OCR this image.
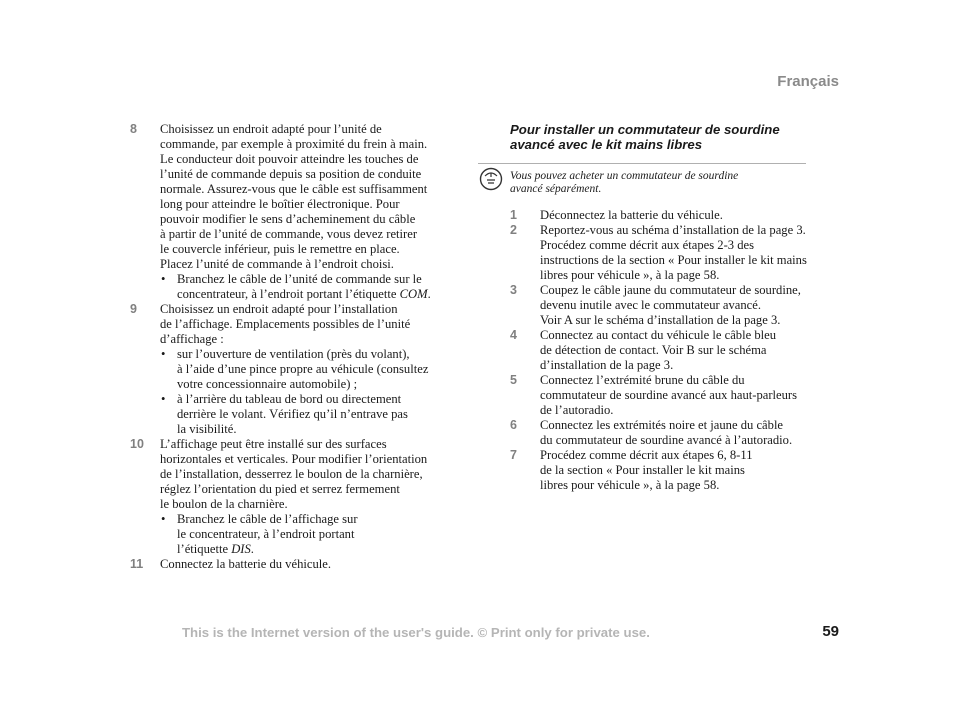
Français
8	Choisissez un endroit adapté pour l’unité de
commande, par exemple à proximité du frein à main.
Le conducteur doit pouvoir atteindre les touches de
l’unité de commande depuis sa position de conduite
normale. Assurez-vous que le câble est suffisamment
long pour atteindre le boîtier électronique. Pour
pouvoir modifier le sens d’acheminement du câble
à partir de l’unité de commande, vous devez retirer
le couvercle inférieur, puis le remettre en place.
Placez l’unité de commande à l’endroit choisi.
• Branchez le câble de l’unité de commande sur le
concentrateur, à l’endroit portant l’étiquette COM.
9	Choisissez un endroit adapté pour l’installation
de l’affichage. Emplacements possibles de l’unité
d’affichage :
• sur l’ouverture de ventilation (près du volant),
à l’aide d’une pince propre au véhicule (consultez
votre concessionnaire automobile) ;
• à l’arrière du tableau de bord ou directement
derrière le volant. Vérifiez qu’il n’entrave pas
la visibilité.
10	L’affichage peut être installé sur des surfaces
horizontales et verticales. Pour modifier l’orientation
de l’installation, desserrez le boulon de la charnière,
réglez l’orientation du pied et serrez fermement
le boulon de la charnière.
• Branchez le câble de l’affichage sur
le concentrateur, à l’endroit portant
l’étiquette DIS.
11	Connectez la batterie du véhicule.
Pour installer un commutateur de sourdine
avancé avec le kit mains libres
Vous pouvez acheter un commutateur de sourdine
avancé séparément.
1	Déconnectez la batterie du véhicule.
2	Reportez-vous au schéma d’installation de la page 3.
Procédez comme décrit aux étapes 2-3 des
instructions de la section « Pour installer le kit mains
libres pour véhicule », à la page 58.
3	Coupez le câble jaune du commutateur de sourdine,
devenu inutile avec le commutateur avancé.
Voir A sur le schéma d’installation de la page 3.
4	Connectez au contact du véhicule le câble bleu
de détection de contact. Voir B sur le schéma
d’installation de la page 3.
5	Connectez l’extrémité brune du câble du
commutateur de sourdine avancé aux haut-parleurs
de l’autoradio.
6	Connectez les extrémités noire et jaune du câble
du commutateur de sourdine avancé à l’autoradio.
7	Procédez comme décrit aux étapes 6, 8-11
de la section « Pour installer le kit mains
libres pour véhicule », à la page 58.
This is the Internet version of the user's guide. © Print only for private use.	59
